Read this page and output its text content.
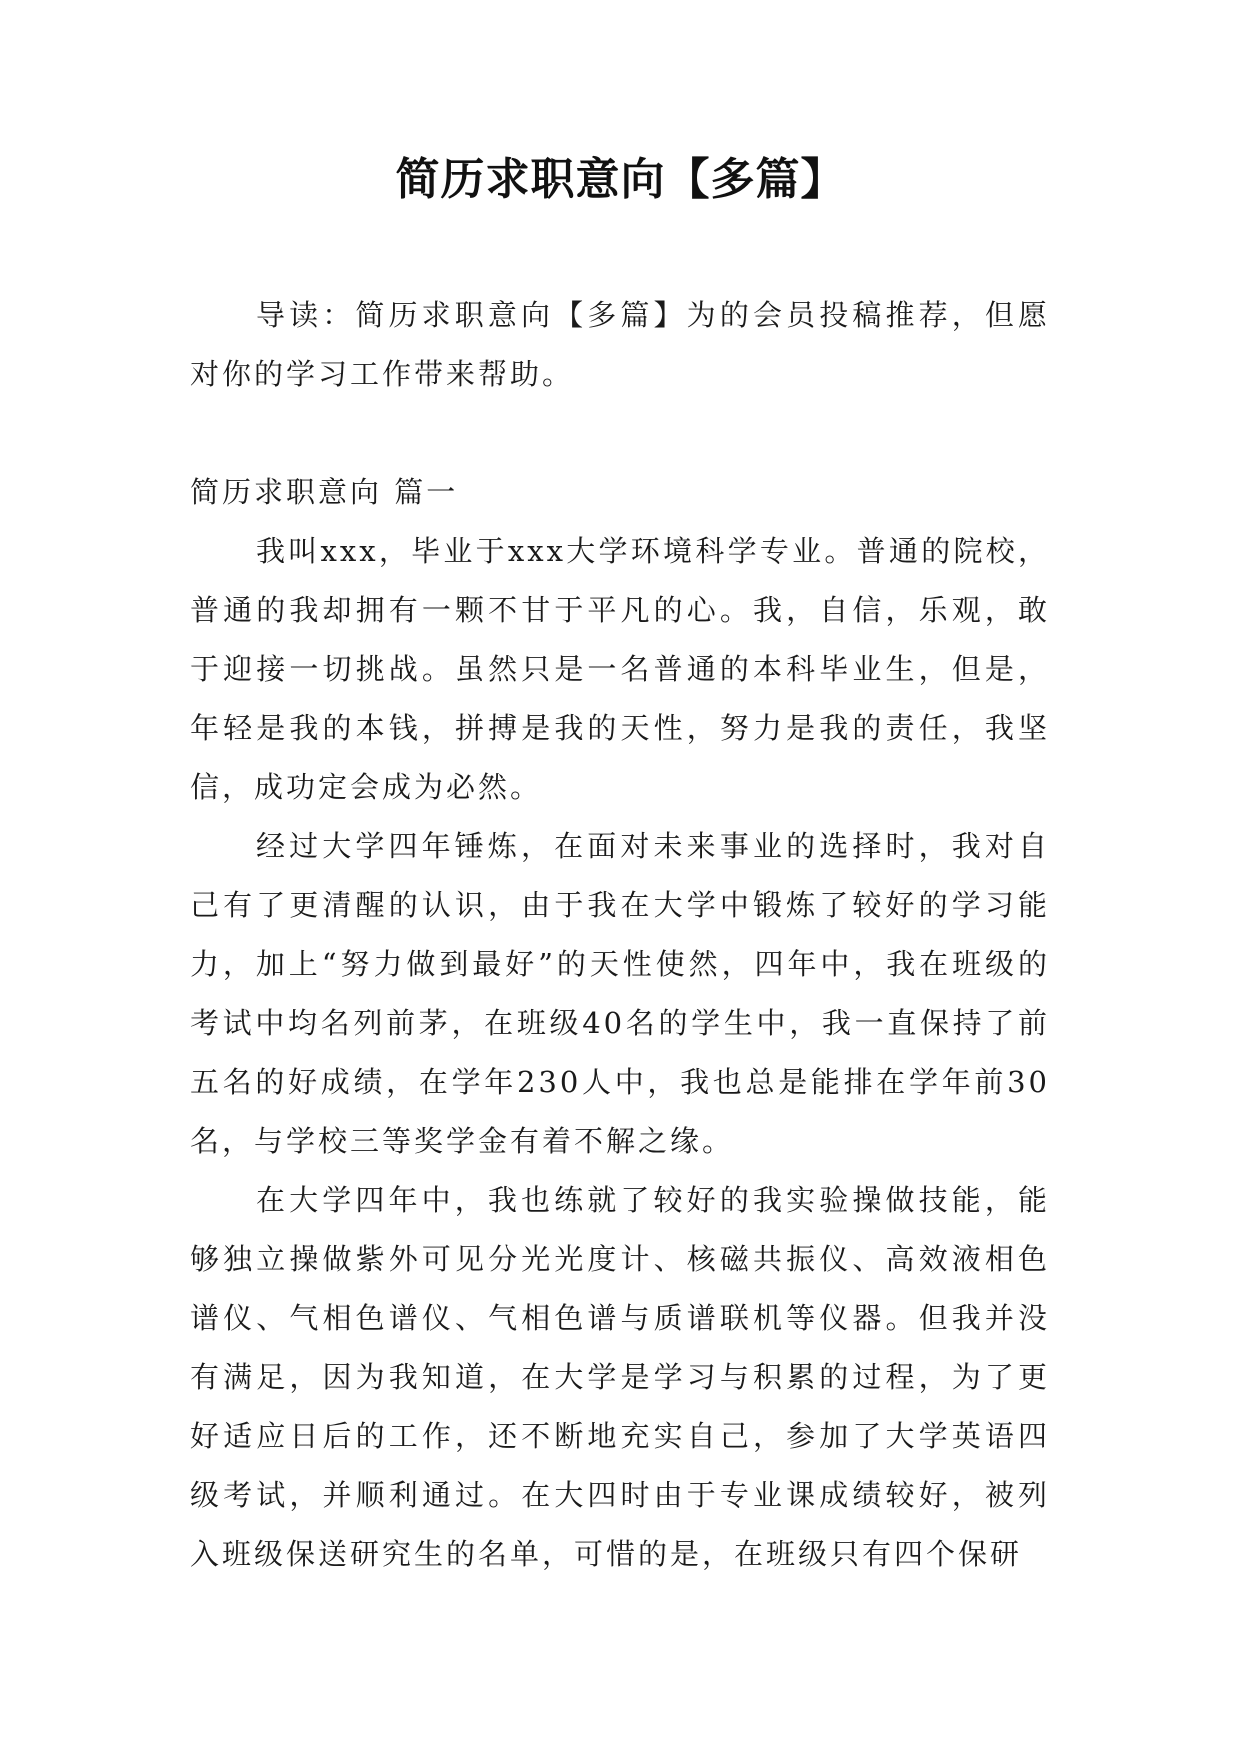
简历求职意向【多篇】

导读：简历求职意向【多篇】为的会员投稿推荐，但愿对你的学习工作带来帮助。

简历求职意向 篇一

我叫xxx，毕业于xxx大学环境科学专业。普通的院校，普通的我却拥有一颗不甘于平凡的心。我，自信，乐观，敢于迎接一切挑战。虽然只是一名普通的本科毕业生，但是，年轻是我的本钱，拼搏是我的天性，努力是我的责任，我坚信，成功定会成为必然。

经过大学四年锤炼，在面对未来事业的选择时，我对自己有了更清醒的认识，由于我在大学中锻炼了较好的学习能力，加上“努力做到最好”的天性使然，四年中，我在班级的考试中均名列前茅，在班级40名的学生中，我一直保持了前五名的好成绩，在学年230人中，我也总是能排在学年前30名，与学校三等奖学金有着不解之缘。

在大学四年中，我也练就了较好的我实验操做技能，能够独立操做紫外可见分光光度计、核磁共振仪、高效液相色谱仪、气相色谱仪、气相色谱与质谱联机等仪器。但我并没有满足，因为我知道，在大学是学习与积累的过程，为了更好适应日后的工作，还不断地充实自己，参加了大学英语四级考试，并顺利通过。在大四时由于专业课成绩较好，被列入班级保送研究生的名单，可惜的是，在班级只有四个保研
